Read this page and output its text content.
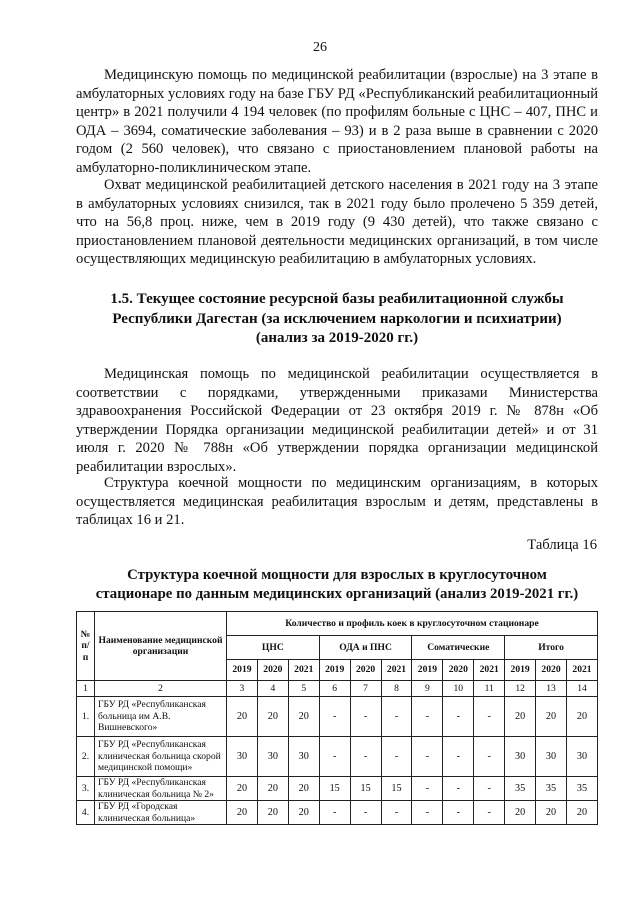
26

Медицинскую помощь по медицинской реабилитации (взрослые) на 3 этапе в амбулаторных условиях году на базе ГБУ РД «Республиканский реабилитационный центр» в 2021 получили 4 194 человек (по профилям больные с ЦНС – 407, ПНС и ОДА – 3694, соматические заболевания – 93) и в 2 раза выше в сравнении с 2020 годом (2 560 человек), что связано с приостановлением плановой работы на амбулаторно-поликлиническом этапе.

Охват медицинской реабилитацией детского населения в 2021 году на 3 этапе в амбулаторных условиях снизился, так в 2021 году было пролечено 5 359 детей, что на 56,8 проц. ниже, чем в 2019 году (9 430 детей), что также связано с приостановлением плановой деятельности медицинских организаций, в том числе осуществляющих медицинскую реабилитацию в амбулаторных условиях.

1.5. Текущее состояние ресурсной базы реабилитационной службы
Республики Дагестан (за исключением наркологии и психиатрии)
(анализ за 2019-2020 гг.)

Медицинская помощь по медицинской реабилитации осуществляется в соответствии с порядками, утвержденными приказами Министерства здравоохранения Российской Федерации от 23 октября 2019 г. № 878н «Об утверждении Порядка организации медицинской реабилитации детей» и от 31 июля г. 2020 № 788н «Об утверждении порядка организации медицинской реабилитации взрослых».

Структура коечной мощности по медицинским организациям, в которых осуществляется медицинская реабилитация взрослым и детям, представлены в таблицах 16 и 21.

Таблица 16
Структура коечной мощности для взрослых в круглосуточном
стационаре по данным медицинских организаций (анализ 2019-2021 гг.)
№ п/п	Наименование медицинской организации	Количество и профиль коек в круглосуточном стационаре											
		ЦНС			ОДА и ПНС			Соматические			Итого		
		2019	2020	2021	2019	2020	2021	2019	2020	2021	2019	2020	2021
1	2	3	4	5	6	7	8	9	10	11	12	13	14
1.	ГБУ РД «Республиканская больница им А.В. Вишневского»	20	20	20	-	-	-	-	-	-	20	20	20
2.	ГБУ РД «Республиканская клиническая больница скорой медицинской помощи»	30	30	30	-	-	-	-	-	-	30	30	30
3.	ГБУ РД «Республиканская клиническая больница № 2»	20	20	20	15	15	15	-	-	-	35	35	35
4.	ГБУ РД «Городская клиническая больница»	20	20	20	-	-	-	-	-	-	20	20	20
